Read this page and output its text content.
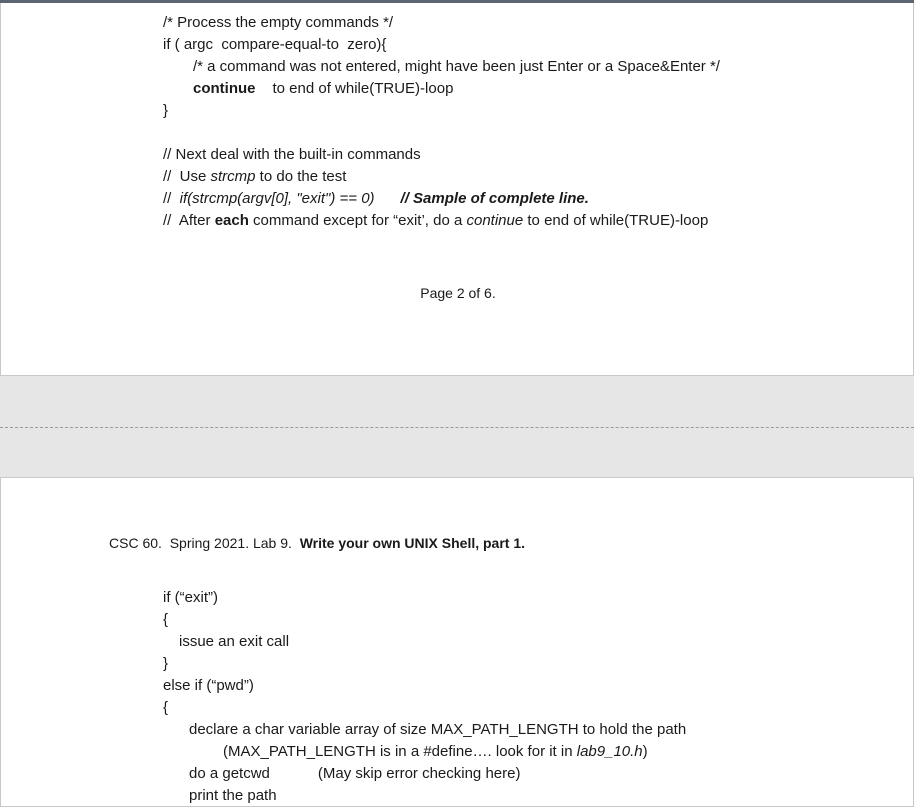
/* Process the empty commands */
if ( argc  compare-equal-to  zero){
/* a command was not entered, might have been just Enter or a Space&Enter */
continue to end of while(TRUE)-loop
}
// Next deal with the built-in commands
//  Use strcmp to do the test
//  if(strcmp(argv[0], "exit") == 0) // Sample of complete line.
//  After each command except for “exit’, do a continue to end of while(TRUE)-loop
Page 2 of 6.
CSC 60.  Spring 2021. Lab 9.  Write your own UNIX Shell, part 1.
if (“exit”)
{
issue an exit call
}
else if (“pwd”)
{
declare a char variable array of size MAX_PATH_LENGTH to hold the path
(MAX_PATH_LENGTH is in a #define…. look for it in lab9_10.h)
do a getcwd	(May skip error checking here)
print the path
